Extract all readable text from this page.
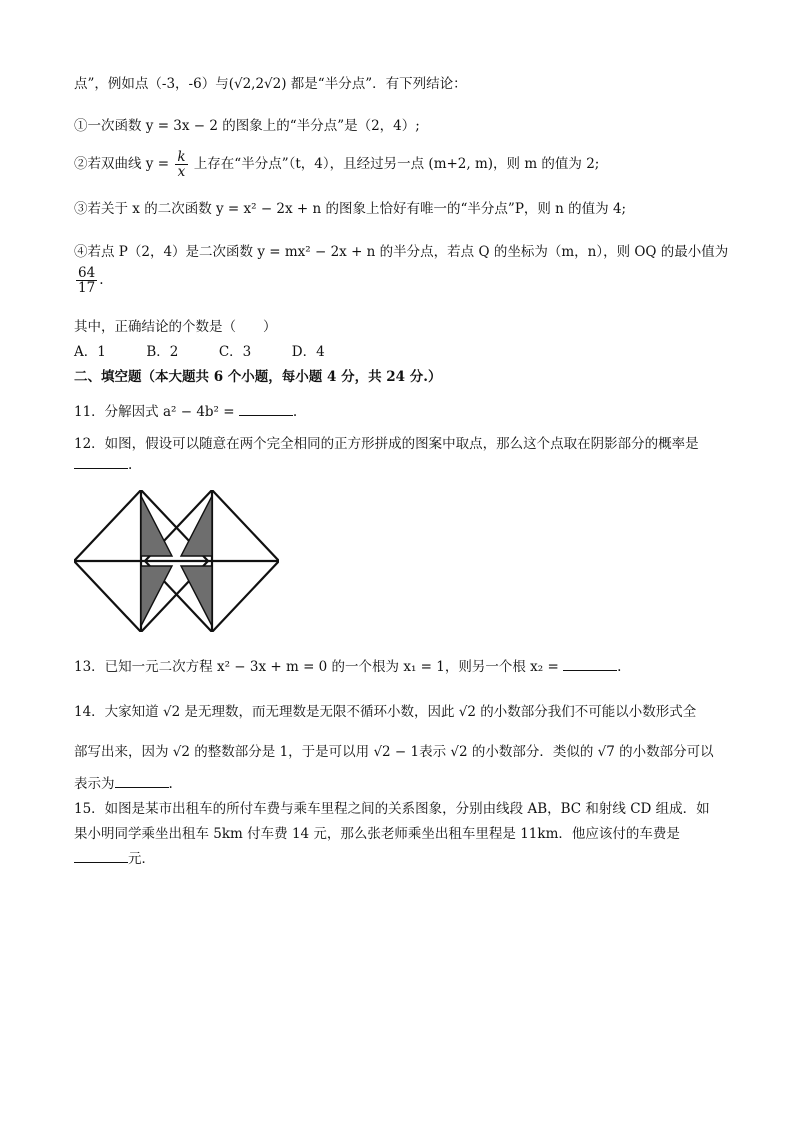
点”，例如点（-3，-6）与(√2,2√2) 都是“半分点”．有下列结论：
①一次函数 y = 3x − 2 的图象上的“半分点”是（2，4）;
②若双曲线 $y = \frac{k}{x}$ 上存在“半分点”（t，4），且经过另一点 (m+2, m)，则 m 的值为 2;
③若关于 x 的二次函数 y = x² − 2x + n 的图象上恰好有唯一的“半分点”P，则 n 的值为 4;
④若点 P（2，4）是二次函数 y = mx² − 2x + n 的半分点，若点 Q 的坐标为（m，n），则 OQ 的最小值为
$\frac{64}{17}$ .
其中，正确结论的个数是（　　）
A．1　　　B．2　　　C．3　　　D．4
二、填空题（本大题共 6 个小题，每小题 4 分，共 24 分.）
11．分解因式 a² − 4b² =	.
12．如图，假设可以随意在两个完全相同的正方形拼成的图案中取点，那么这个点取在阴影部分的概率是
.
13．已知一元二次方程 x² − 3x + m = 0 的一个根为 x₁ = 1，则另一个根 x₂ =	.
14．大家知道 √2 是无理数，而无理数是无限不循环小数，因此 √2 的小数部分我们不可能以小数形式全
部写出来，因为 √2 的整数部分是 1，于是可以用 √2 − 1表示 √2 的小数部分．类似的 √7 的小数部分可以
表示为	.
15．如图是某市出租车的所付车费与乘车里程之间的关系图象，分别由线段 AB，BC 和射线 CD 组成．如
果小明同学乘坐出租车 5km 付车费 14 元，那么张老师乘坐出租车里程是 11km．他应该付的车费是
元．
